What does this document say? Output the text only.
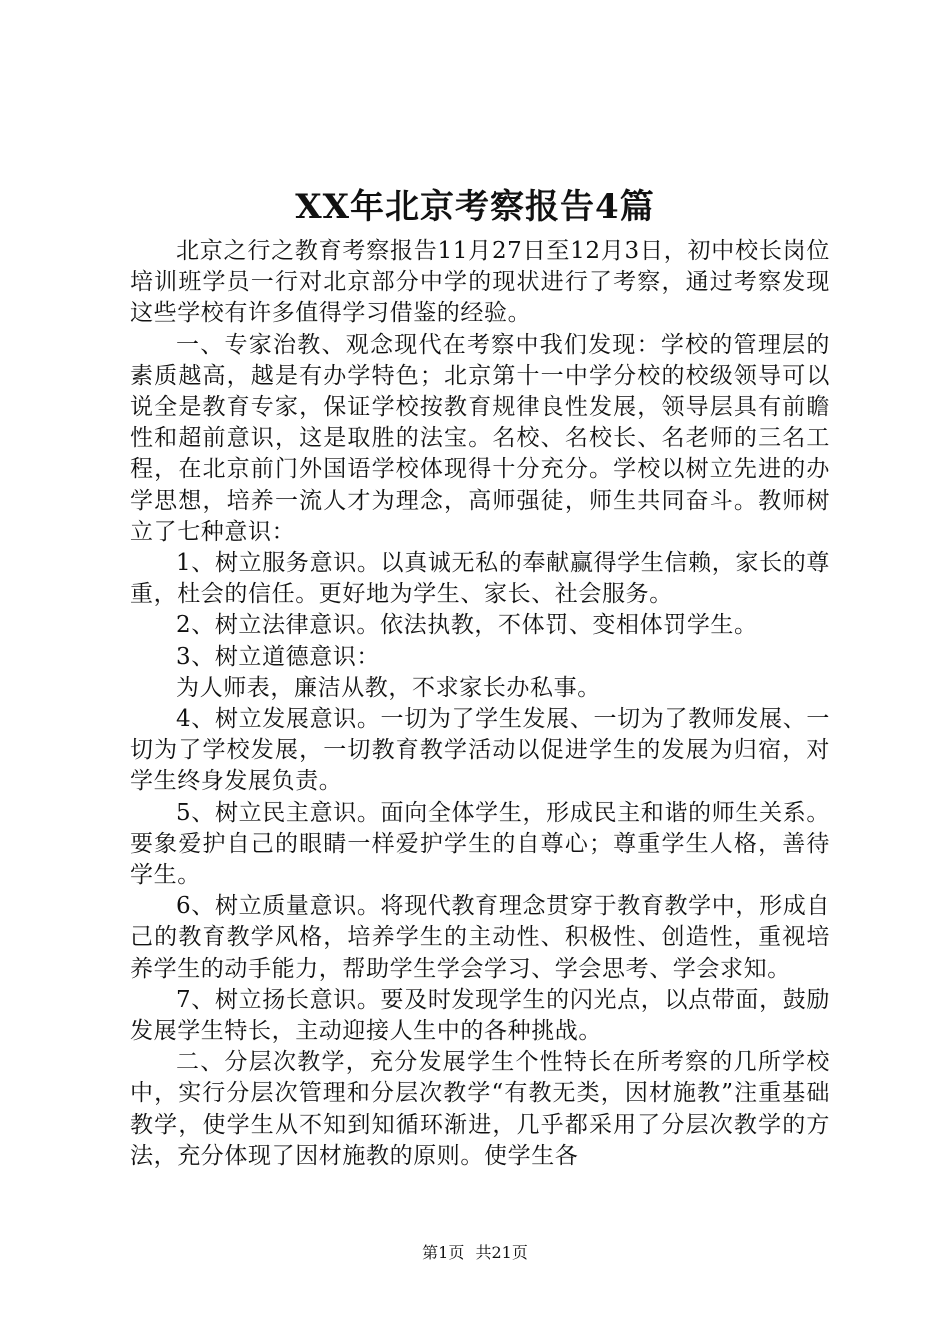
XX年北京考察报告4篇

北京之行之教育考察报告11月27日至12月3日，初中校长岗位培训班学员一行对北京部分中学的现状进行了考察，通过考察发现这些学校有许多值得学习借鉴的经验。

一、专家治教、观念现代在考察中我们发现：学校的管理层的素质越高，越是有办学特色；北京第十一中学分校的校级领导可以说全是教育专家，保证学校按教育规律良性发展，领导层具有前瞻性和超前意识，这是取胜的法宝。名校、名校长、名老师的三名工程，在北京前门外国语学校体现得十分充分。学校以树立先进的办学思想，培养一流人才为理念，高师强徒，师生共同奋斗。教师树立了七种意识：

1、树立服务意识。以真诚无私的奉献赢得学生信赖，家长的尊重，杜会的信任。更好地为学生、家长、社会服务。

2、树立法律意识。依法执教，不体罚、变相体罚学生。

3、树立道德意识：

为人师表，廉洁从教，不求家长办私事。

4、树立发展意识。一切为了学生发展、一切为了教师发展、一切为了学校发展，一切教育教学活动以促进学生的发展为归宿，对学生终身发展负责。

5、树立民主意识。面向全体学生，形成民主和谐的师生关系。要象爱护自己的眼睛一样爱护学生的自尊心；尊重学生人格，善待学生。

6、树立质量意识。将现代教育理念贯穿于教育教学中，形成自己的教育教学风格，培养学生的主动性、积极性、创造性，重视培养学生的动手能力，帮助学生学会学习、学会思考、学会求知。

7、树立扬长意识。要及时发现学生的闪光点，以点带面，鼓励发展学生特长，主动迎接人生中的各种挑战。

二、分层次教学，充分发展学生个性特长在所考察的几所学校中，实行分层次管理和分层次教学“有教无类，因材施教”注重基础教学，使学生从不知到知循环渐进，几乎都采用了分层次教学的方法，充分体现了因材施教的原则。使学生各

第1页 共21页
